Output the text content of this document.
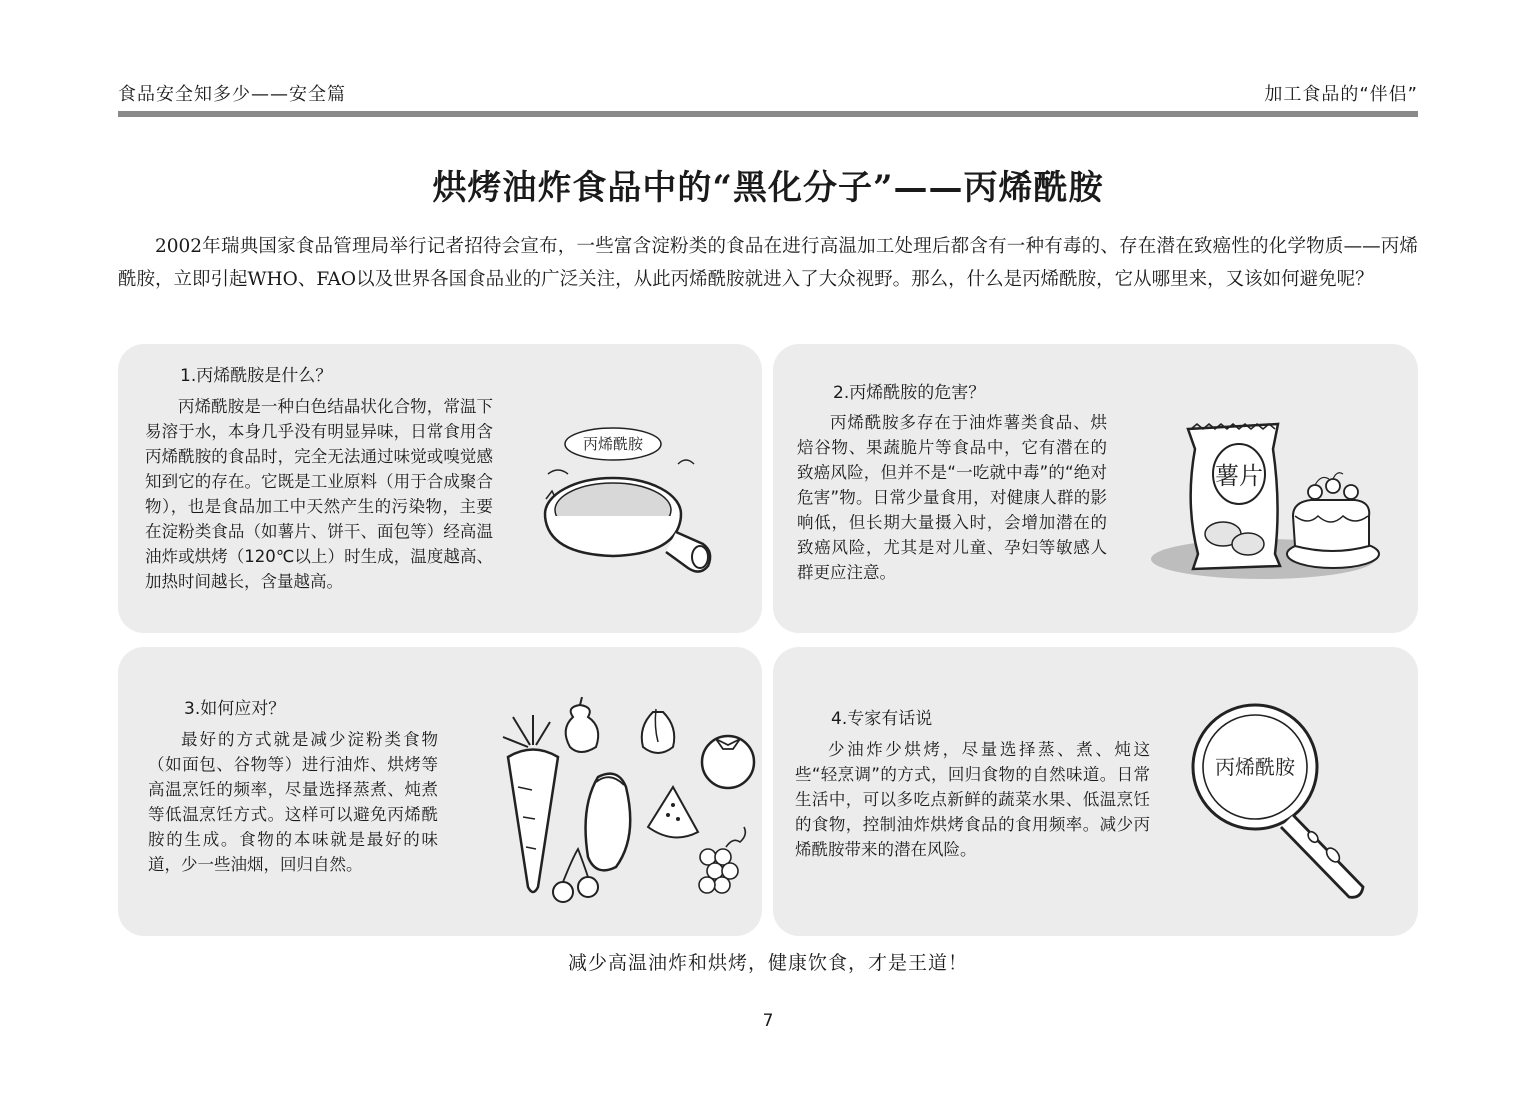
食品安全知多少——安全篇	加工食品的“伴侣”
烘烤油炸食品中的“黑化分子”——丙烯酰胺

2002年瑞典国家食品管理局举行记者招待会宣布，一些富含淀粉类的食品在进行高温加工处理后都含有一种有毒的、存在潜在致癌性的化学物质——丙烯酰胺，立即引起WHO、FAO以及世界各国食品业的广泛关注，从此丙烯酰胺就进入了大众视野。那么，什么是丙烯酰胺，它从哪里来，又该如何避免呢？

1.丙烯酰胺是什么？

丙烯酰胺是一种白色结晶状化合物，常温下易溶于水，本身几乎没有明显异味，日常食用含丙烯酰胺的食品时，完全无法通过味觉或嗅觉感知到它的存在。它既是工业原料（用于合成聚合物），也是食品加工中天然产生的污染物，主要在淀粉类食品（如薯片、饼干、面包等）经高温油炸或烘烤（120℃以上）时生成，温度越高、加热时间越长，含量越高。

丙烯酰胺
2.丙烯酰胺的危害？

丙烯酰胺多存在于油炸薯类食品、烘焙谷物、果蔬脆片等食品中，它有潜在的致癌风险，但并不是“一吃就中毒”的“绝对危害”物。日常少量食用，对健康人群的影响低，但长期大量摄入时，会增加潜在的致癌风险，尤其是对儿童、孕妇等敏感人群更应注意。

薯片
3.如何应对？

最好的方式就是减少淀粉类食物（如面包、谷物等）进行油炸、烘烤等高温烹饪的频率，尽量选择蒸煮、炖煮等低温烹饪方式。这样可以避免丙烯酰胺的生成。食物的本味就是最好的味道，少一些油烟，回归自然。

4.专家有话说

少油炸少烘烤，尽量选择蒸、煮、炖这些“轻烹调”的方式，回归食物的自然味道。日常生活中，可以多吃点新鲜的蔬菜水果、低温烹饪的食物，控制油炸烘烤食品的食用频率。减少丙烯酰胺带来的潜在风险。

丙烯酰胺
减少高温油炸和烘烤，健康饮食，才是王道！
7
